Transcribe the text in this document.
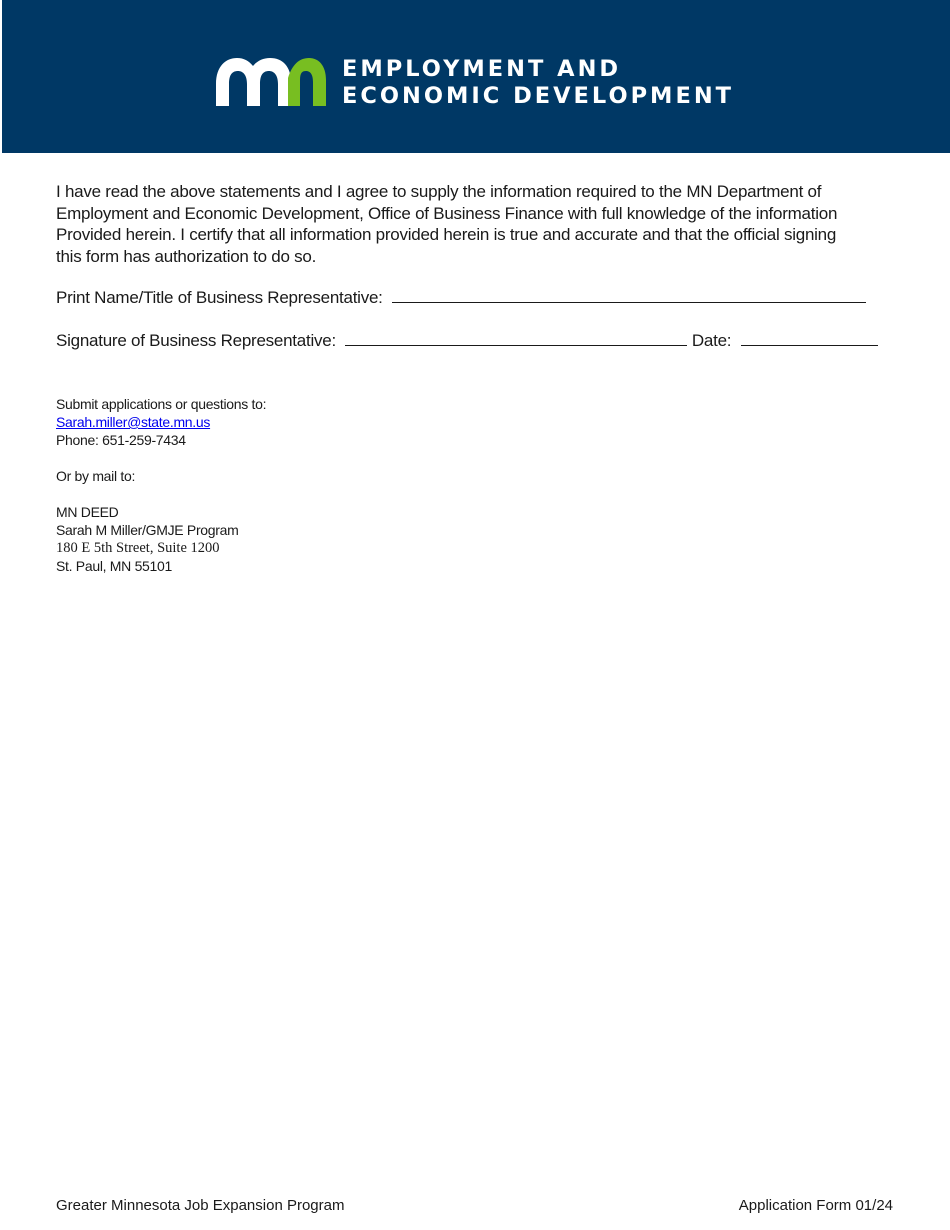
EMPLOYMENT AND
ECONOMIC DEVELOPMENT
I have read the above statements and I agree to supply the information required to the MN Department of
Employment and Economic Development, Office of Business Finance with full knowledge of the information
Provided herein. I certify that all information provided herein is true and accurate and that the official signing
this form has authorization to do so.
Print Name/Title of Business Representative:
Signature of Business Representative:	Date:
Submit applications or questions to:
Sarah.miller@state.mn.us
Phone: 651-259-7434

Or by mail to:

MN DEED
Sarah M Miller/GMJE Program
180 E 5th Street, Suite 1200
St. Paul, MN 55101
Greater Minnesota Job Expansion Program	Application Form 01/24
